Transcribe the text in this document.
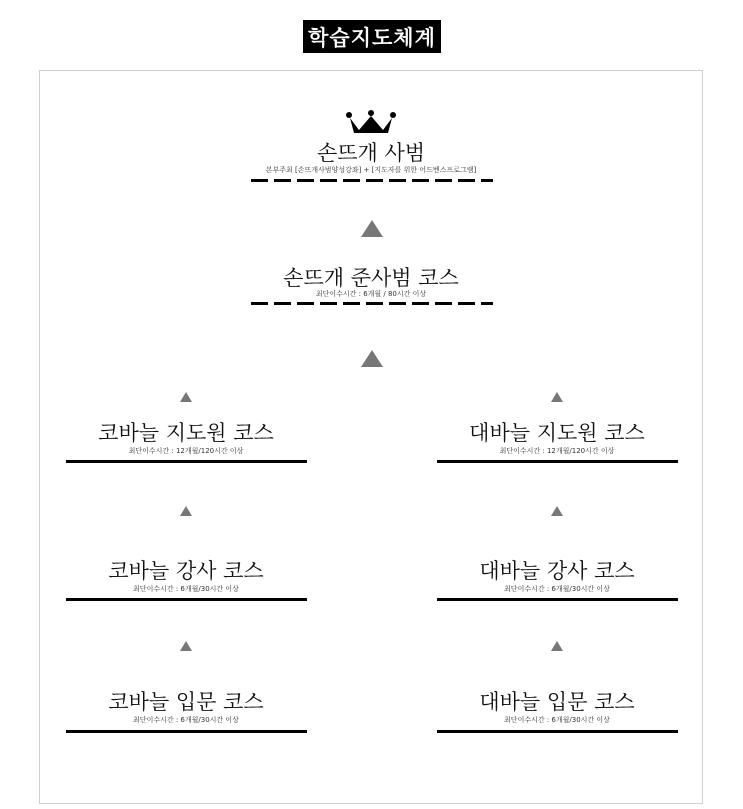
학습지도체계
손뜨개 사범
본부주최 [손뜨개사범양성강좌] + [지도자를 위한 어드벤스프로그램]
손뜨개 준사범 코스
최단이수시간 : 6개월 / 80시간 이상
코바늘 지도원 코스
최단이수시간 : 12개월/120시간 이상
코바늘 강사 코스
최단이수시간 : 6개월/30시간 이상
코바늘 입문 코스
최단이수시간 : 6개월/30시간 이상
대바늘 지도원 코스
최단이수시간 : 12개월/120시간 이상
대바늘 강사 코스
최단이수시간 : 6개월/30시간 이상
대바늘 입문 코스
최단이수시간 : 6개월/30시간 이상
